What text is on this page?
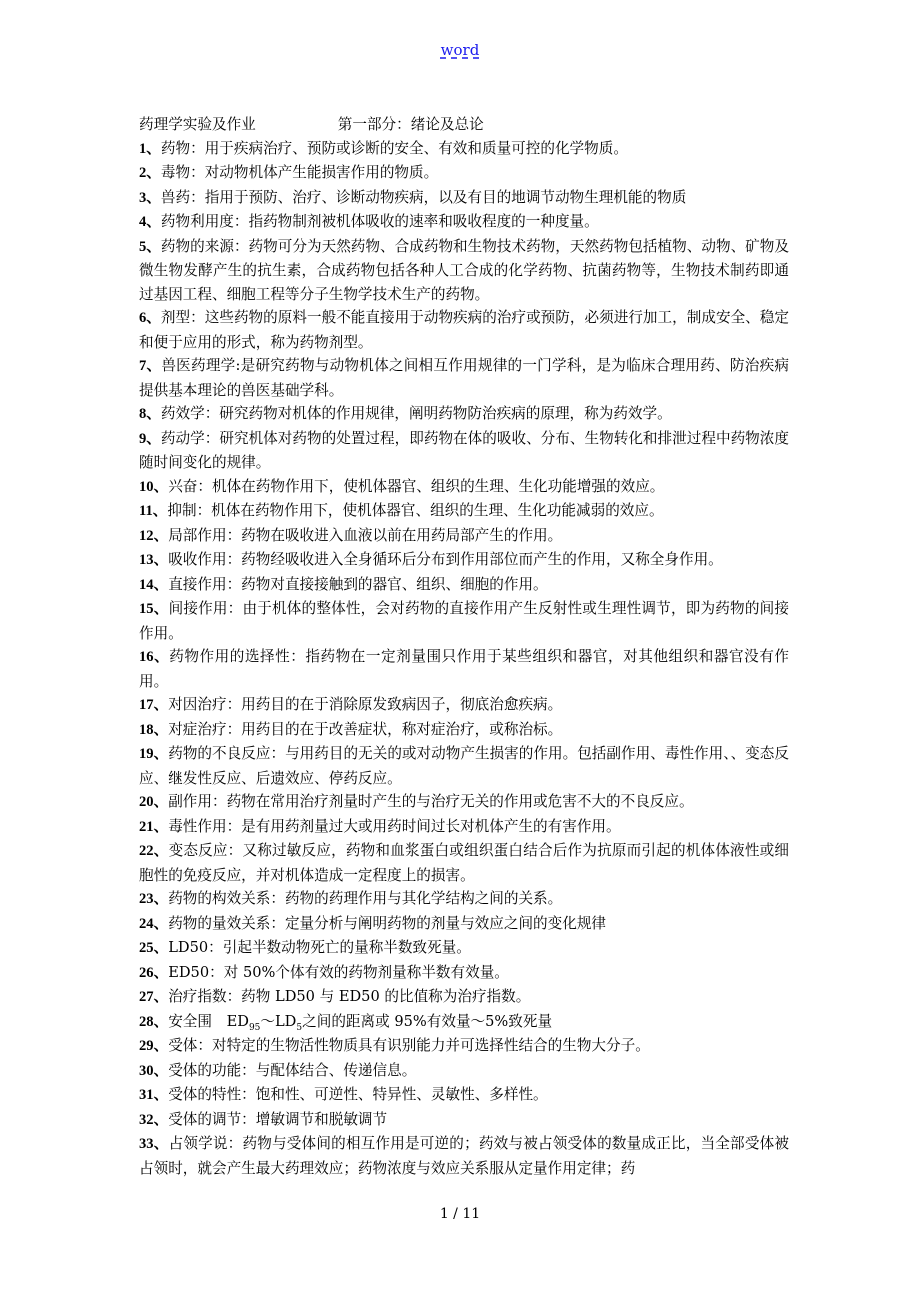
word
药理学实验及作业	第一部分：绪论及总论

1、药物：用于疾病治疗、预防或诊断的安全、有效和质量可控的化学物质。

2、毒物：对动物机体产生能损害作用的物质。

3、兽药：指用于预防、治疗、诊断动物疾病，以及有目的地调节动物生理机能的物质

4、药物利用度：指药物制剂被机体吸收的速率和吸收程度的一种度量。

5、药物的来源：药物可分为天然药物、合成药物和生物技术药物，天然药物包括植物、动物、矿物及微生物发酵产生的抗生素，合成药物包括各种人工合成的化学药物、抗菌药物等，生物技术制药即通过基因工程、细胞工程等分子生物学技术生产的药物。

6、剂型：这些药物的原料一般不能直接用于动物疾病的治疗或预防，必须进行加工，制成安全、稳定和便于应用的形式，称为药物剂型。

7、兽医药理学:是研究药物与动物机体之间相互作用规律的一门学科，是为临床合理用药、防治疾病提供基本理论的兽医基础学科。

8、药效学：研究药物对机体的作用规律，阐明药物防治疾病的原理，称为药效学。

9、药动学：研究机体对药物的处置过程，即药物在体的吸收、分布、生物转化和排泄过程中药物浓度随时间变化的规律。

10、兴奋：机体在药物作用下，使机体器官、组织的生理、生化功能增强的效应。

11、抑制：机体在药物作用下，使机体器官、组织的生理、生化功能减弱的效应。

12、局部作用：药物在吸收进入血液以前在用药局部产生的作用。

13、吸收作用：药物经吸收进入全身循环后分布到作用部位而产生的作用，又称全身作用。

14、直接作用：药物对直接接触到的器官、组织、细胞的作用。

15、间接作用：由于机体的整体性，会对药物的直接作用产生反射性或生理性调节，即为药物的间接作用。

16、药物作用的选择性：指药物在一定剂量围只作用于某些组织和器官，对其他组织和器官没有作用。

17、对因治疗：用药目的在于消除原发致病因子，彻底治愈疾病。

18、对症治疗：用药目的在于改善症状，称对症治疗，或称治标。

19、药物的不良反应：与用药目的无关的或对动物产生损害的作用。包括副作用、毒性作用、、变态反应、继发性反应、后遗效应、停药反应。

20、副作用：药物在常用治疗剂量时产生的与治疗无关的作用或危害不大的不良反应。

21、毒性作用：是有用药剂量过大或用药时间过长对机体产生的有害作用。

22、变态反应：又称过敏反应，药物和血浆蛋白或组织蛋白结合后作为抗原而引起的机体体液性或细胞性的免疫反应，并对机体造成一定程度上的损害。

23、药物的构效关系：药物的药理作用与其化学结构之间的关系。

24、药物的量效关系：定量分析与阐明药物的剂量与效应之间的变化规律

25、LD50：引起半数动物死亡的量称半数致死量。

26、ED50：对 50%个体有效的药物剂量称半数有效量。

27、治疗指数：药物 LD50 与 ED50 的比值称为治疗指数。

28、安全围　$ED_{95}\sim LD_5$之间的距离或 95%有效量～5%致死量

29、受体：对特定的生物活性物质具有识别能力并可选择性结合的生物大分子。

30、受体的功能：与配体结合、传递信息。

31、受体的特性：饱和性、可逆性、特异性、灵敏性、多样性。

32、受体的调节：增敏调节和脱敏调节

33、占领学说：药物与受体间的相互作用是可逆的；药效与被占领受体的数量成正比，当全部受体被占领时，就会产生最大药理效应；药物浓度与效应关系服从定量作用定律；药

1 / 11
